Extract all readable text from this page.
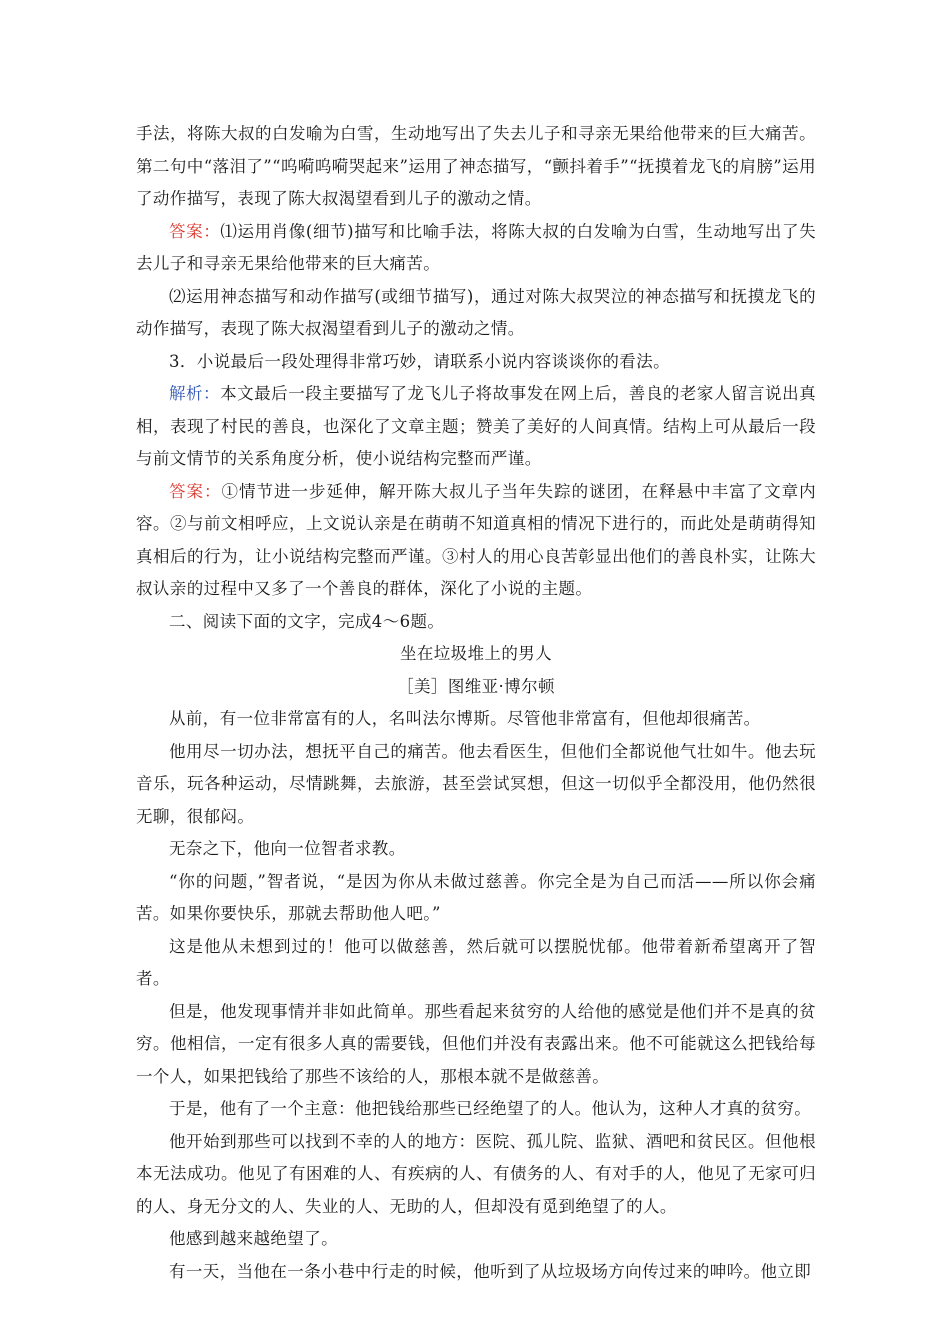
手法，将陈大叔的白发喻为白雪，生动地写出了失去儿子和寻亲无果给他带来的巨大痛苦。第二句中“落泪了”“呜嗬呜嗬哭起来”运用了神态描写，“颤抖着手”“抚摸着龙飞的肩膀”运用了动作描写，表现了陈大叔渴望看到儿子的激动之情。

答案：⑴运用肖像(细节)描写和比喻手法，将陈大叔的白发喻为白雪，生动地写出了失去儿子和寻亲无果给他带来的巨大痛苦。

⑵运用神态描写和动作描写(或细节描写)，通过对陈大叔哭泣的神态描写和抚摸龙飞的动作描写，表现了陈大叔渴望看到儿子的激动之情。

3．小说最后一段处理得非常巧妙，请联系小说内容谈谈你的看法。

解析：本文最后一段主要描写了龙飞儿子将故事发在网上后，善良的老家人留言说出真相，表现了村民的善良，也深化了文章主题；赞美了美好的人间真情。结构上可从最后一段与前文情节的关系角度分析，使小说结构完整而严谨。

答案：①情节进一步延伸，解开陈大叔儿子当年失踪的谜团，在释悬中丰富了文章内容。②与前文相呼应，上文说认亲是在萌萌不知道真相的情况下进行的，而此处是萌萌得知真相后的行为，让小说结构完整而严谨。③村人的用心良苦彰显出他们的善良朴实，让陈大叔认亲的过程中又多了一个善良的群体，深化了小说的主题。

二、阅读下面的文字，完成4～6题。

坐在垃圾堆上的男人

［美］图维亚·博尔顿

从前，有一位非常富有的人，名叫法尔博斯。尽管他非常富有，但他却很痛苦。

他用尽一切办法，想抚平自己的痛苦。他去看医生，但他们全都说他气壮如牛。他去玩音乐，玩各种运动，尽情跳舞，去旅游，甚至尝试冥想，但这一切似乎全都没用，他仍然很无聊，很郁闷。

无奈之下，他向一位智者求教。

“你的问题，”智者说，“是因为你从未做过慈善。你完全是为自己而活——所以你会痛苦。如果你要快乐，那就去帮助他人吧。”

这是他从未想到过的！他可以做慈善，然后就可以摆脱忧郁。他带着新希望离开了智者。

但是，他发现事情并非如此简单。那些看起来贫穷的人给他的感觉是他们并不是真的贫穷。他相信，一定有很多人真的需要钱，但他们并没有表露出来。他不可能就这么把钱给每一个人，如果把钱给了那些不该给的人，那根本就不是做慈善。

于是，他有了一个主意：他把钱给那些已经绝望了的人。他认为，这种人才真的贫穷。

他开始到那些可以找到不幸的人的地方：医院、孤儿院、监狱、酒吧和贫民区。但他根本无法成功。他见了有困难的人、有疾病的人、有债务的人、有对手的人，他见了无家可归的人、身无分文的人、失业的人、无助的人，但却没有觅到绝望了的人。

他感到越来越绝望了。

有一天，当他在一条小巷中行走的时候，他听到了从垃圾场方向传过来的呻吟。他立即
